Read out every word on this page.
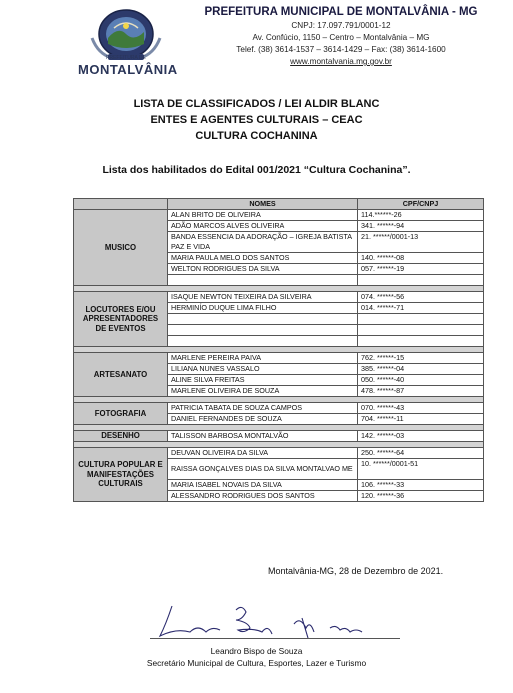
PREFEITURA DE
MONTALVÂNIA
PREFEITURA MUNICIPAL DE MONTALVÂNIA - MG
CNPJ: 17.097.791/0001-12
Av. Confúcio, 1150 – Centro – Montalvânia – MG
Telef. (38) 3614-1537 – 3614-1429 – Fax: (38) 3614-1600
www.montalvania.mg.gov.br
LISTA DE CLASSIFICADOS / LEI ALDIR BLANC
ENTES E AGENTES CULTURAIS – CEAC
CULTURA COCHANINA
Lista dos habilitados do Edital 001/2021 “Cultura Cochanina”.
	NOMES	CPF/CNPJ
MUSICO	ALAN BRITO DE OLIVEIRA	114.******-26
	ADÃO MARCOS ALVES OLIVEIRA	341. ******-94
	BANDA ESSENCIA DA ADORAÇÃO – IGREJA BATISTA PAZ E VIDA	21. ******/0001-13
	MARIA PAULA MELO DOS SANTOS	140. ******-08
	WELTON RODRIGUES DA SILVA	057. ******-19

LOCUTORES E/OU APRESENTADORES DE EVENTOS	ISAQUE NEWTON TEIXEIRA DA SILVEIRA	074. ******-56
	HERMINÍO DUQUE LIMA FILHO	014. ******-71

ARTESANATO	MARLENE PEREIRA PAIVA	762. ******-15
	LILIANA NUNES VASSALO	385. ******-04
	ALINE SILVA FREITAS	050. ******-40
	MARLENE OLIVEIRA DE SOUZA	478. ******-87

FOTOGRAFIA	PATRICIA TABATA DE SOUZA CAMPOS	070. ******-43
	DANIEL FERNANDES DE SOUZA	704. ******-11

DESENHO	TALISSON BARBOSA MONTALVÃO	142. ******-03

CULTURA POPULAR E MANIFESTAÇÕES CULTURAIS	DEUVAN OLIVEIRA DA SILVA	250. ******-64
	RAISSA GONÇALVES DIAS DA SILVA MONTALVAO ME	10. ******/0001-51
	MARIA ISABEL NOVAIS DA SILVA	106. ******-33
	ALESSANDRO RODRIGUES DOS SANTOS	120. ******-36
Montalvânia-MG, 28 de Dezembro de 2021.
Leandro Bispo de Souza
Secretário Municipal de Cultura, Esportes, Lazer e Turismo
